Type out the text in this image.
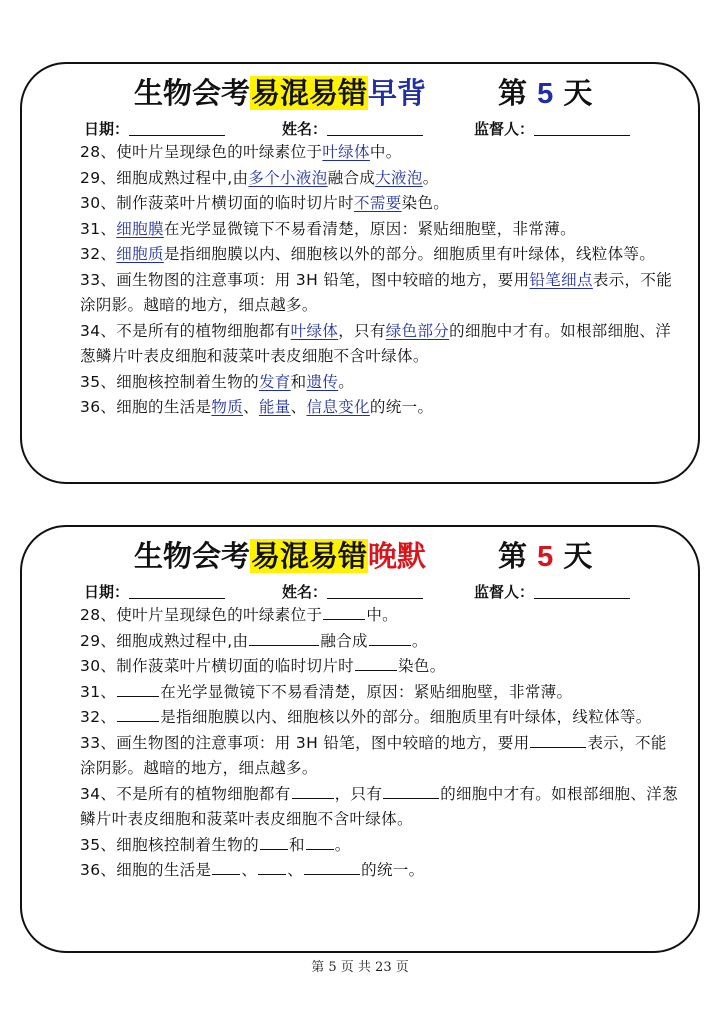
生物会考易混易错早背 第 5 天
日期：	姓名：	监督人：
28、使叶片呈现绿色的叶绿素位于叶绿体中。
29、细胞成熟过程中,由多个小液泡融合成大液泡。
30、制作菠菜叶片横切面的临时切片时不需要染色。
31、细胞膜在光学显微镜下不易看清楚，原因：紧贴细胞壁，非常薄。
32、细胞质是指细胞膜以内、细胞核以外的部分。细胞质里有叶绿体，线粒体等。
33、画生物图的注意事项：用 3H 铅笔，图中较暗的地方，要用铅笔细点表示，不能涂阴影。越暗的地方，细点越多。
34、不是所有的植物细胞都有叶绿体，只有绿色部分的细胞中才有。如根部细胞、洋葱鳞片叶表皮细胞和菠菜叶表皮细胞不含叶绿体。
35、细胞核控制着生物的发育和遗传。
36、细胞的生活是物质、能量、信息变化的统一。
生物会考易混易错晚默 第 5 天
日期：	姓名：	监督人：
28、使叶片呈现绿色的叶绿素位于	中。
29、细胞成熟过程中,由	融合成	。
30、制作菠菜叶片横切面的临时切片时	染色。
31、	在光学显微镜下不易看清楚，原因：紧贴细胞壁，非常薄。
32、	是指细胞膜以内、细胞核以外的部分。细胞质里有叶绿体，线粒体等。
33、画生物图的注意事项：用 3H 铅笔，图中较暗的地方，要用	表示，不能涂阴影。越暗的地方，细点越多。
34、不是所有的植物细胞都有	，只有	的细胞中才有。如根部细胞、洋葱鳞片叶表皮细胞和菠菜叶表皮细胞不含叶绿体。
35、细胞核控制着生物的 和 。
36、细胞的生活是 、 、	的统一。
第 5 页 共 23 页
